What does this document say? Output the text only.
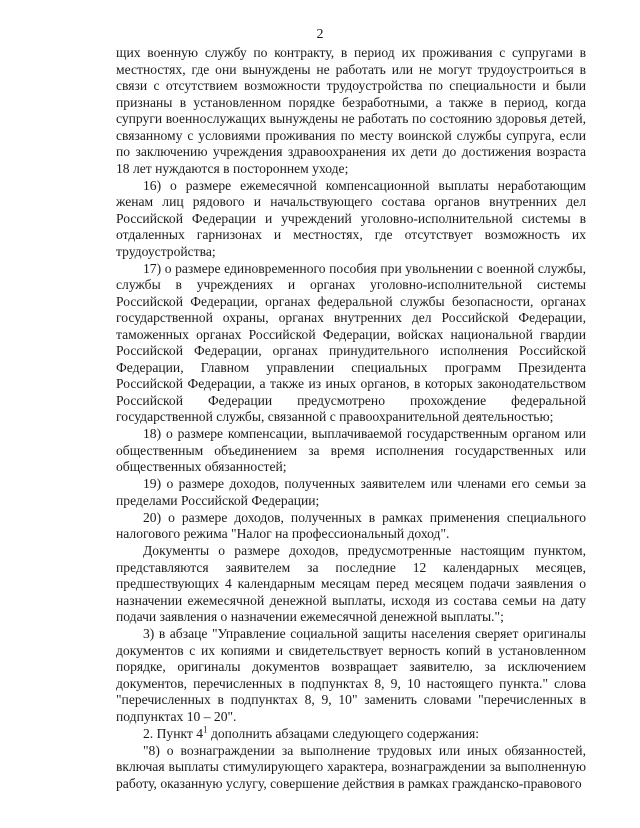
2

щих военную службу по контракту, в период их проживания с супругами в местностях, где они вынуждены не работать или не могут трудоустроиться в связи с отсутствием возможности трудоустройства по специальности и были признаны в установленном порядке безработными, а также в период, когда супруги военнослужащих вынуждены не работать по состоянию здоровья детей, связанному с условиями проживания по месту воинской службы супруга, если по заключению учреждения здравоохранения их дети до достижения возраста 18 лет нуждаются в постороннем уходе;

16) о размере ежемесячной компенсационной выплаты неработающим женам лиц рядового и начальствующего состава органов внутренних дел Российской Федерации и учреждений уголовно-исполнительной системы в отдаленных гарнизонах и местностях, где отсутствует возможность их трудоустройства;

17) о размере единовременного пособия при увольнении с военной службы, службы в учреждениях и органах уголовно-исполнительной системы Российской Федерации, органах федеральной службы безопасности, органах государственной охраны, органах внутренних дел Российской Федерации, таможенных органах Российской Федерации, войсках национальной гвардии Российской Федерации, органах принудительного исполнения Российской Федерации, Главном управлении специальных программ Президента Российской Федерации, а также из иных органов, в которых законодательством Российской Федерации предусмотрено прохождение федеральной государственной службы, связанной с правоохранительной деятельностью;

18) о размере компенсации, выплачиваемой государственным органом или общественным объединением за время исполнения государственных или общественных обязанностей;

19) о размере доходов, полученных заявителем или членами его семьи за пределами Российской Федерации;

20) о размере доходов, полученных в рамках применения специального налогового режима "Налог на профессиональный доход".

Документы о размере доходов, предусмотренные настоящим пунктом, представляются заявителем за последние 12 календарных месяцев, предшествующих 4 календарным месяцам перед месяцем подачи заявления о назначении ежемесячной денежной выплаты, исходя из состава семьи на дату подачи заявления о назначении ежемесячной денежной выплаты.";

3) в абзаце "Управление социальной защиты населения сверяет оригиналы документов с их копиями и свидетельствует верность копий в установленном порядке, оригиналы документов возвращает заявителю, за исключением документов, перечисленных в подпунктах 8, 9, 10 настоящего пункта." слова "перечисленных в подпунктах 8, 9, 10" заменить словами "перечисленных в подпунктах 10 – 20".

2. Пункт $4^1$ дополнить абзацами следующего содержания:

"8) о вознаграждении за выполнение трудовых или иных обязанностей, включая выплаты стимулирующего характера, вознаграждении за выполненную работу, оказанную услугу, совершение действия в рамках гражданско-правового
